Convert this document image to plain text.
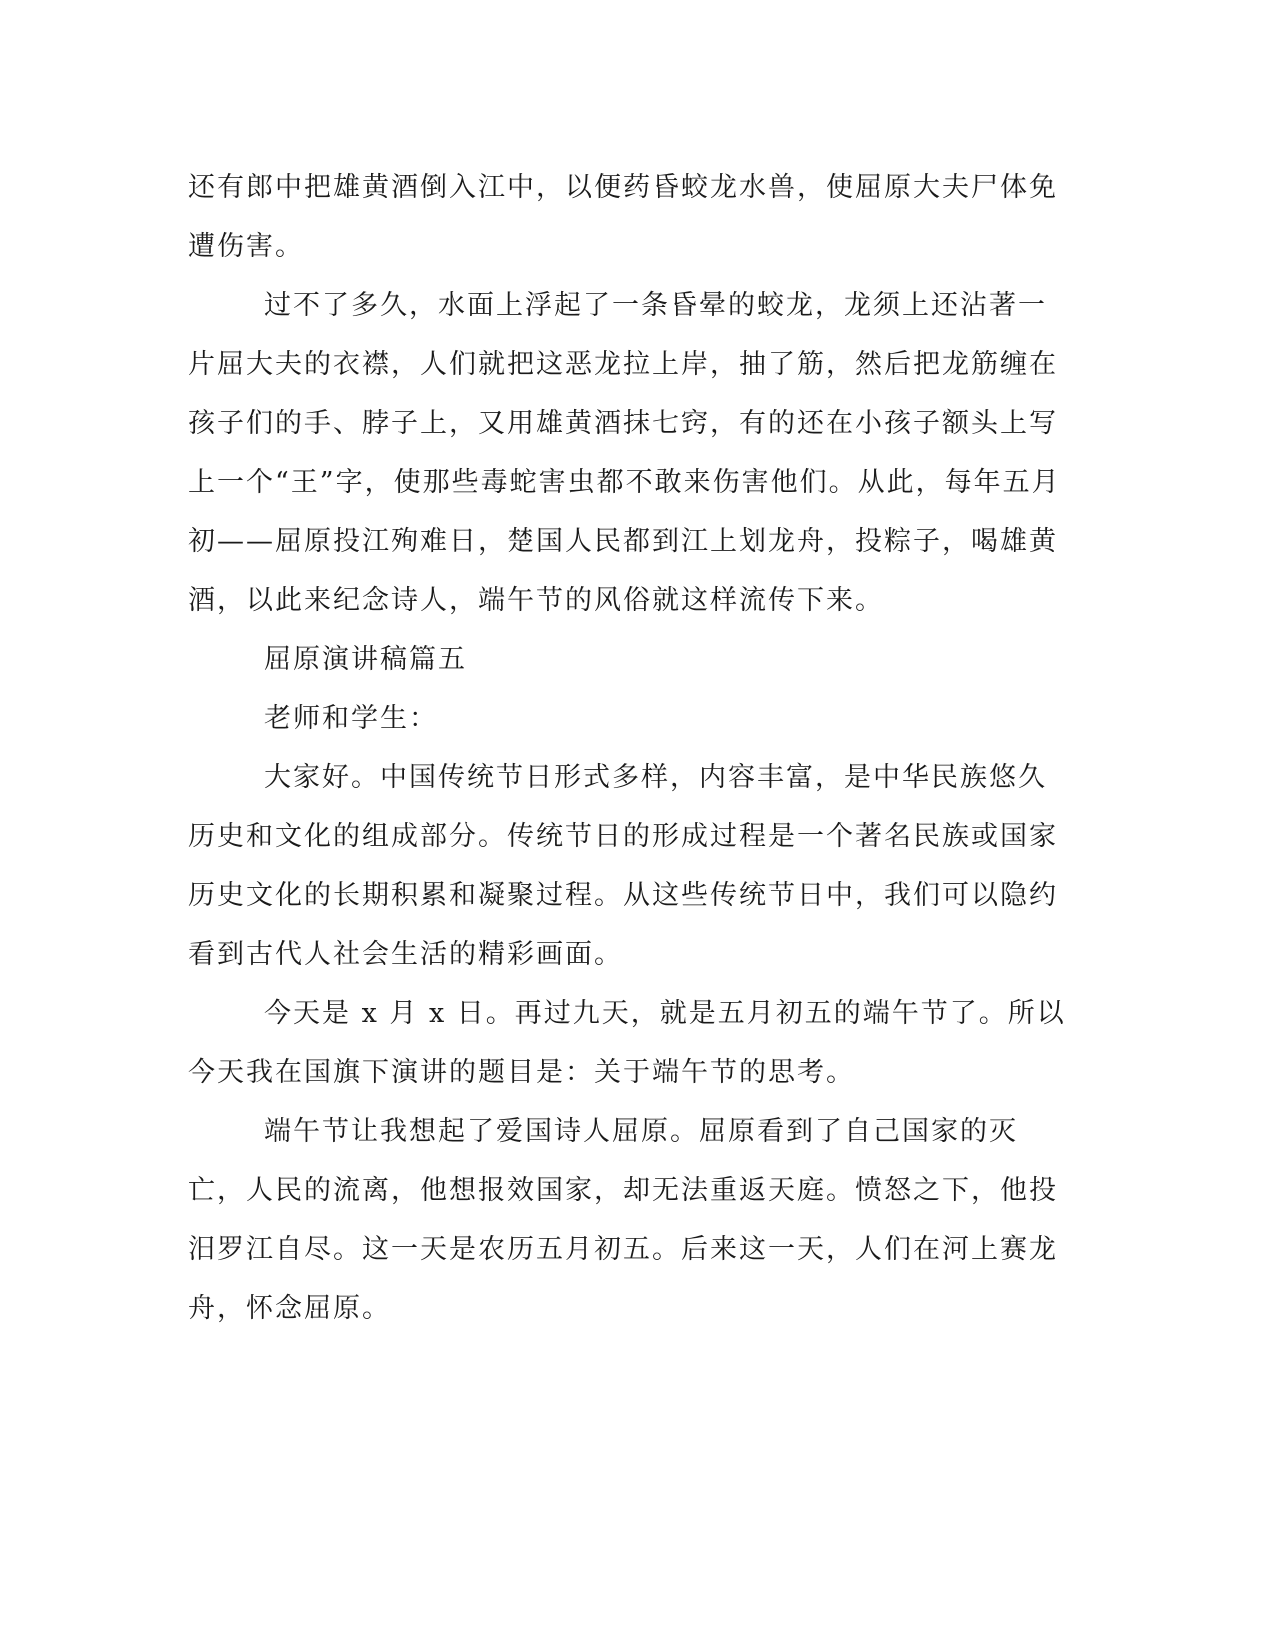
还有郎中把雄黄酒倒入江中，以便药昏蛟龙水兽，使屈原大夫尸体免遭伤害。

过不了多久，水面上浮起了一条昏晕的蛟龙，龙须上还沾著一片屈大夫的衣襟，人们就把这恶龙拉上岸，抽了筋，然后把龙筋缠在孩子们的手、脖子上，又用雄黄酒抹七窍，有的还在小孩子额头上写上一个“王”字，使那些毒蛇害虫都不敢来伤害他们。从此，每年五月初——屈原投江殉难日，楚国人民都到江上划龙舟，投粽子，喝雄黄酒，以此来纪念诗人，端午节的风俗就这样流传下来。

屈原演讲稿篇五

老师和学生：

大家好。中国传统节日形式多样，内容丰富，是中华民族悠久历史和文化的组成部分。传统节日的形成过程是一个著名民族或国家历史文化的长期积累和凝聚过程。从这些传统节日中，我们可以隐约看到古代人社会生活的精彩画面。

今天是 x 月 x 日。再过九天，就是五月初五的端午节了。所以今天我在国旗下演讲的题目是：关于端午节的思考。

端午节让我想起了爱国诗人屈原。屈原看到了自己国家的灭亡，人民的流离，他想报效国家，却无法重返天庭。愤怒之下，他投汨罗江自尽。这一天是农历五月初五。后来这一天，人们在河上赛龙舟，怀念屈原。
